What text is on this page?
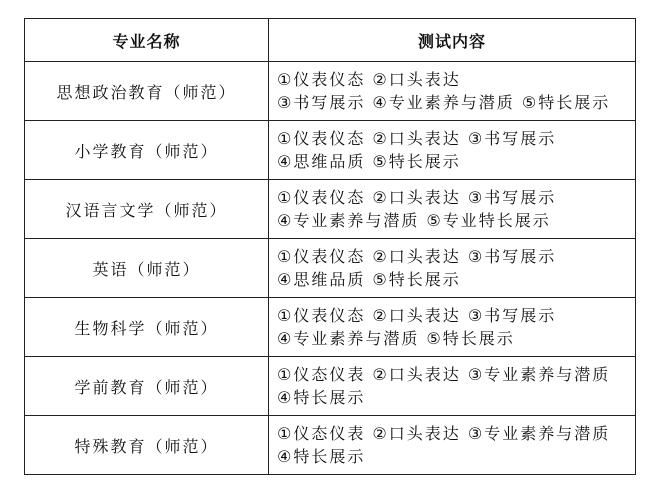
专业名称	测试内容
思想政治教育（师范）	①仪表仪态 ②口头表达
③书写展示 ④专业素养与潜质 ⑤特长展示

小学教育（师范）	①仪表仪态 ②口头表达 ③书写展示
④思维品质 ⑤特长展示

汉语言文学（师范）	①仪表仪态 ②口头表达 ③书写展示
④专业素养与潜质 ⑤专业特长展示

英语（师范）	①仪表仪态 ②口头表达 ③书写展示
④思维品质 ⑤特长展示

生物科学（师范）	①仪表仪态 ②口头表达 ③书写展示
④专业素养与潜质 ⑤特长展示

学前教育（师范）	①仪态仪表 ②口头表达 ③专业素养与潜质
④特长展示

特殊教育（师范）	①仪态仪表 ②口头表达 ③专业素养与潜质
④特长展示
